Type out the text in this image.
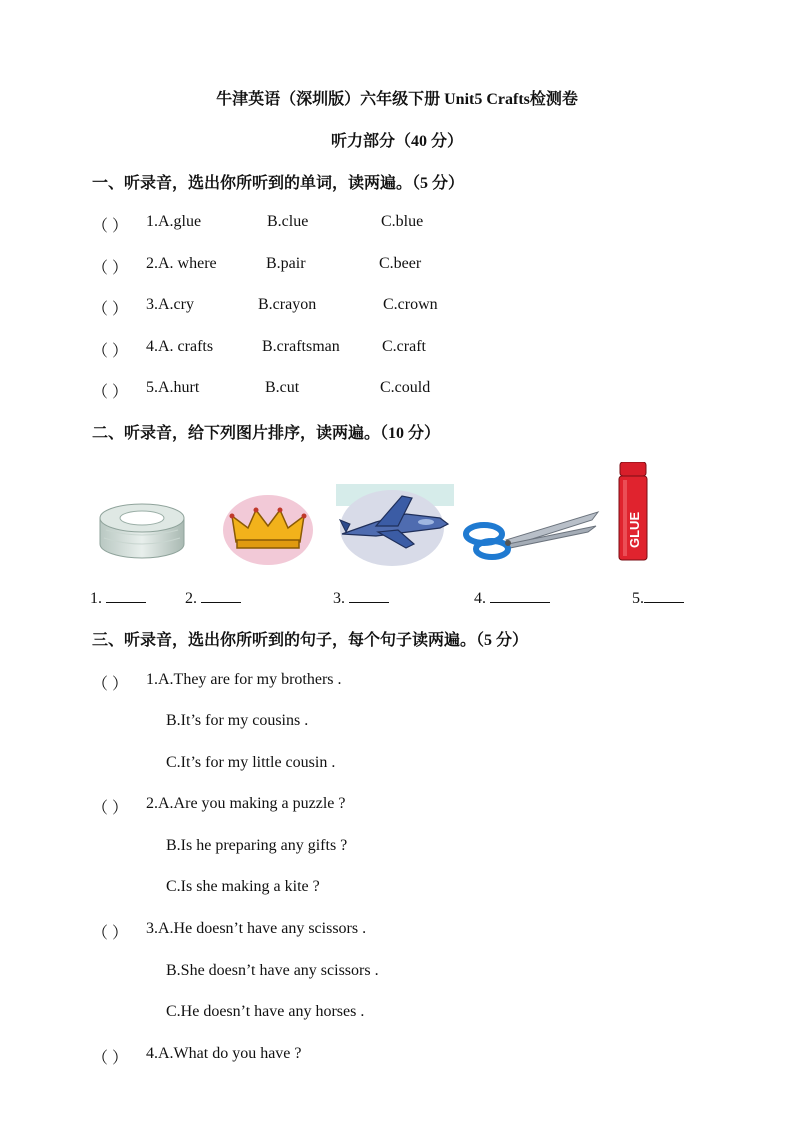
牛津英语（深圳版）六年级下册 Unit5 Crafts检测卷
听力部分（40 分）
一、听录音，选出你所听到的单词，读两遍。（5 分）
（ ） 1.A.glue	B.clue	C.blue
（ ） 2.A. where	B.pair	C.beer
（ ） 3.A.cry	B.crayon	C.crown
（ ） 4.A. crafts	B.craftsman	C.craft
（ ） 5.A.hurt	B.cut	C.could
二、听录音，给下列图片排序，读两遍。（10 分）
GLUE
1.	2.	3.	4.	5.
三、听录音，选出你所听到的句子，每个句子读两遍。（5 分）
（ ） 1.A.They are for my brothers .
B.It’s for my cousins .
C.It’s for my little cousin .
（ ） 2.A.Are you making a puzzle ?
B.Is he preparing any gifts ?
C.Is she making a kite ?
（ ） 3.A.He doesn’t have any scissors .
B.She doesn’t have any scissors .
C.He doesn’t have any horses .
（ ） 4.A.What do you have ?
